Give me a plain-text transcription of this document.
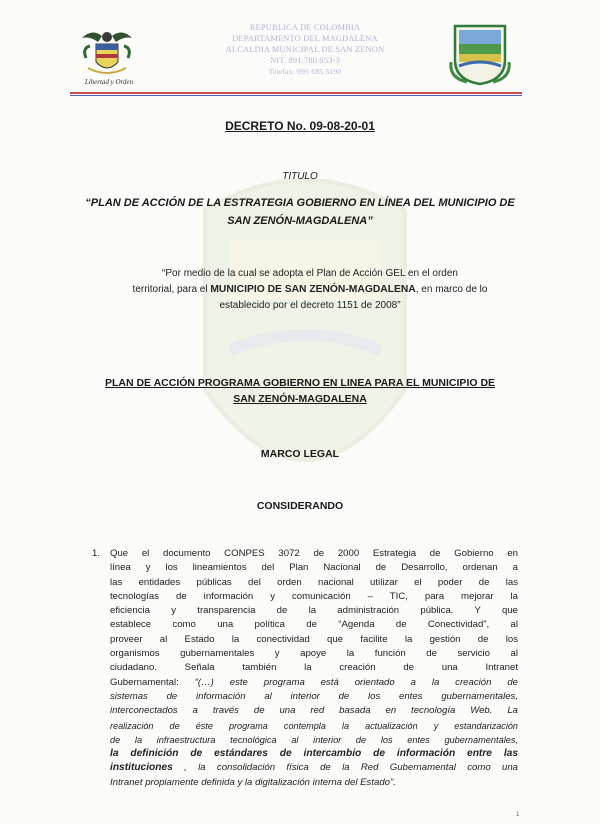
Libertad y Orden
REPUBLICA DE COLOMBIA
DEPARTAMENTO DEL MAGDALENA
ALCALDIA MUNICIPAL DE SAN ZENON
NIT. 891.780.053-3
Telefax: 095 685 5190
DECRETO No. 09-08-20-01
TITULO
“PLAN DE ACCIÓN DE LA ESTRATEGIA GOBIERNO EN LÍNEA DEL MUNICIPIO DE
SAN ZENÓN-MAGDALENA”
“Por medio de la cual se adopta el Plan de Acción GEL en el orden
territorial, para el MUNICIPIO DE SAN ZENÓN-MAGDALENA, en marco de lo
establecido por el decreto 1151 de 2008”
PLAN DE ACCIÓN PROGRAMA GOBIERNO EN LINEA PARA EL MUNICIPIO DE
SAN ZENÓN-MAGDALENA
MARCO LEGAL
CONSIDERANDO
1. Que el documento CONPES 3072 de 2000 Estrategia de Gobierno en
línea y los lineamientos del Plan Nacional de Desarrollo, ordenan a
las entidades públicas del orden nacional utilizar el poder de las
tecnologías de información y comunicación – TIC, para mejorar la
eficiencia y transparencia de la administración pública. Y que
establece como una política de “Agenda de Conectividad”, al
proveer al Estado la conectividad que facilite la gestión de los
organismos gubernamentales y apoye la función de servicio al
ciudadano. Señala también la creación de una Intranet
Gubernamental: “(…) este programa está orientado a la creación de
sistemas de información al interior de los entes gubernamentales,
interconectados a través de una red basada en tecnología Web. La
realización de éste programa contempla la actualización y estandarización
de la infraestructura tecnológica al interior de los entes gubernamentales,
la definición de estándares de intercambio de información entre las
instituciones , la consolidación física de la Red Gubernamental como una
Intranet propiamente definida y la digitalización interna del Estado”.
1
